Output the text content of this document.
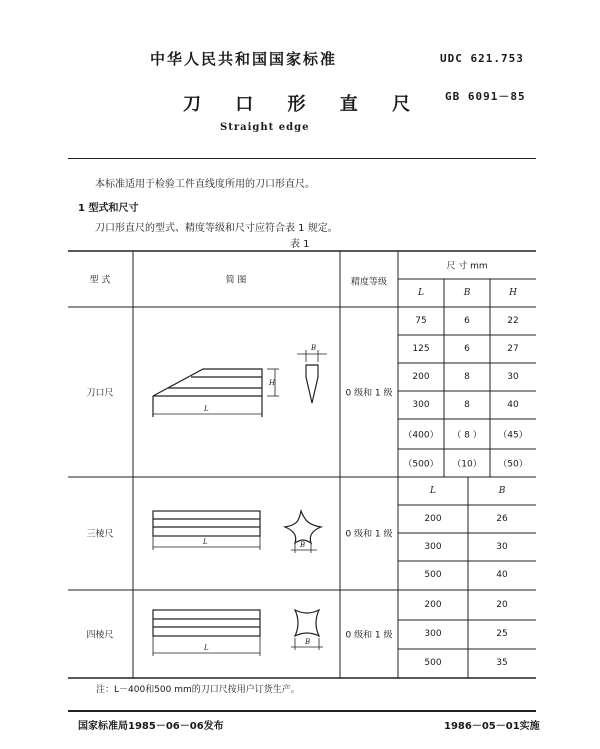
中华人民共和国国家标准	UDC 621.753
刀 口 形 直 尺 GB 6091－85
Straight edge
本标准适用于检验工件直线度所用的刀口形直尺。
1 型式和尺寸
刀口形直尺的型式、精度等级和尺寸应符合表 1 规定。
表 1
L
H
B
L	B
L
B
型 式	简 图	精度等级
尺 寸 mm
L	B	H
刀口尺	0 级和 1 级
75	6	22
125	6	27
200	8	30
300	8	40
（400） （ 8 ） （45）
（500） （10） （50）
三棱尺	0 级和 1 级
L	B
200	26
300	30
500	40
四棱尺	0 级和 1 级
200	20
300	25
500	35
注：L－400和500 mm的刀口尺按用户订货生产。
国家标准局1985－06－06发布	1986－05－01实施
